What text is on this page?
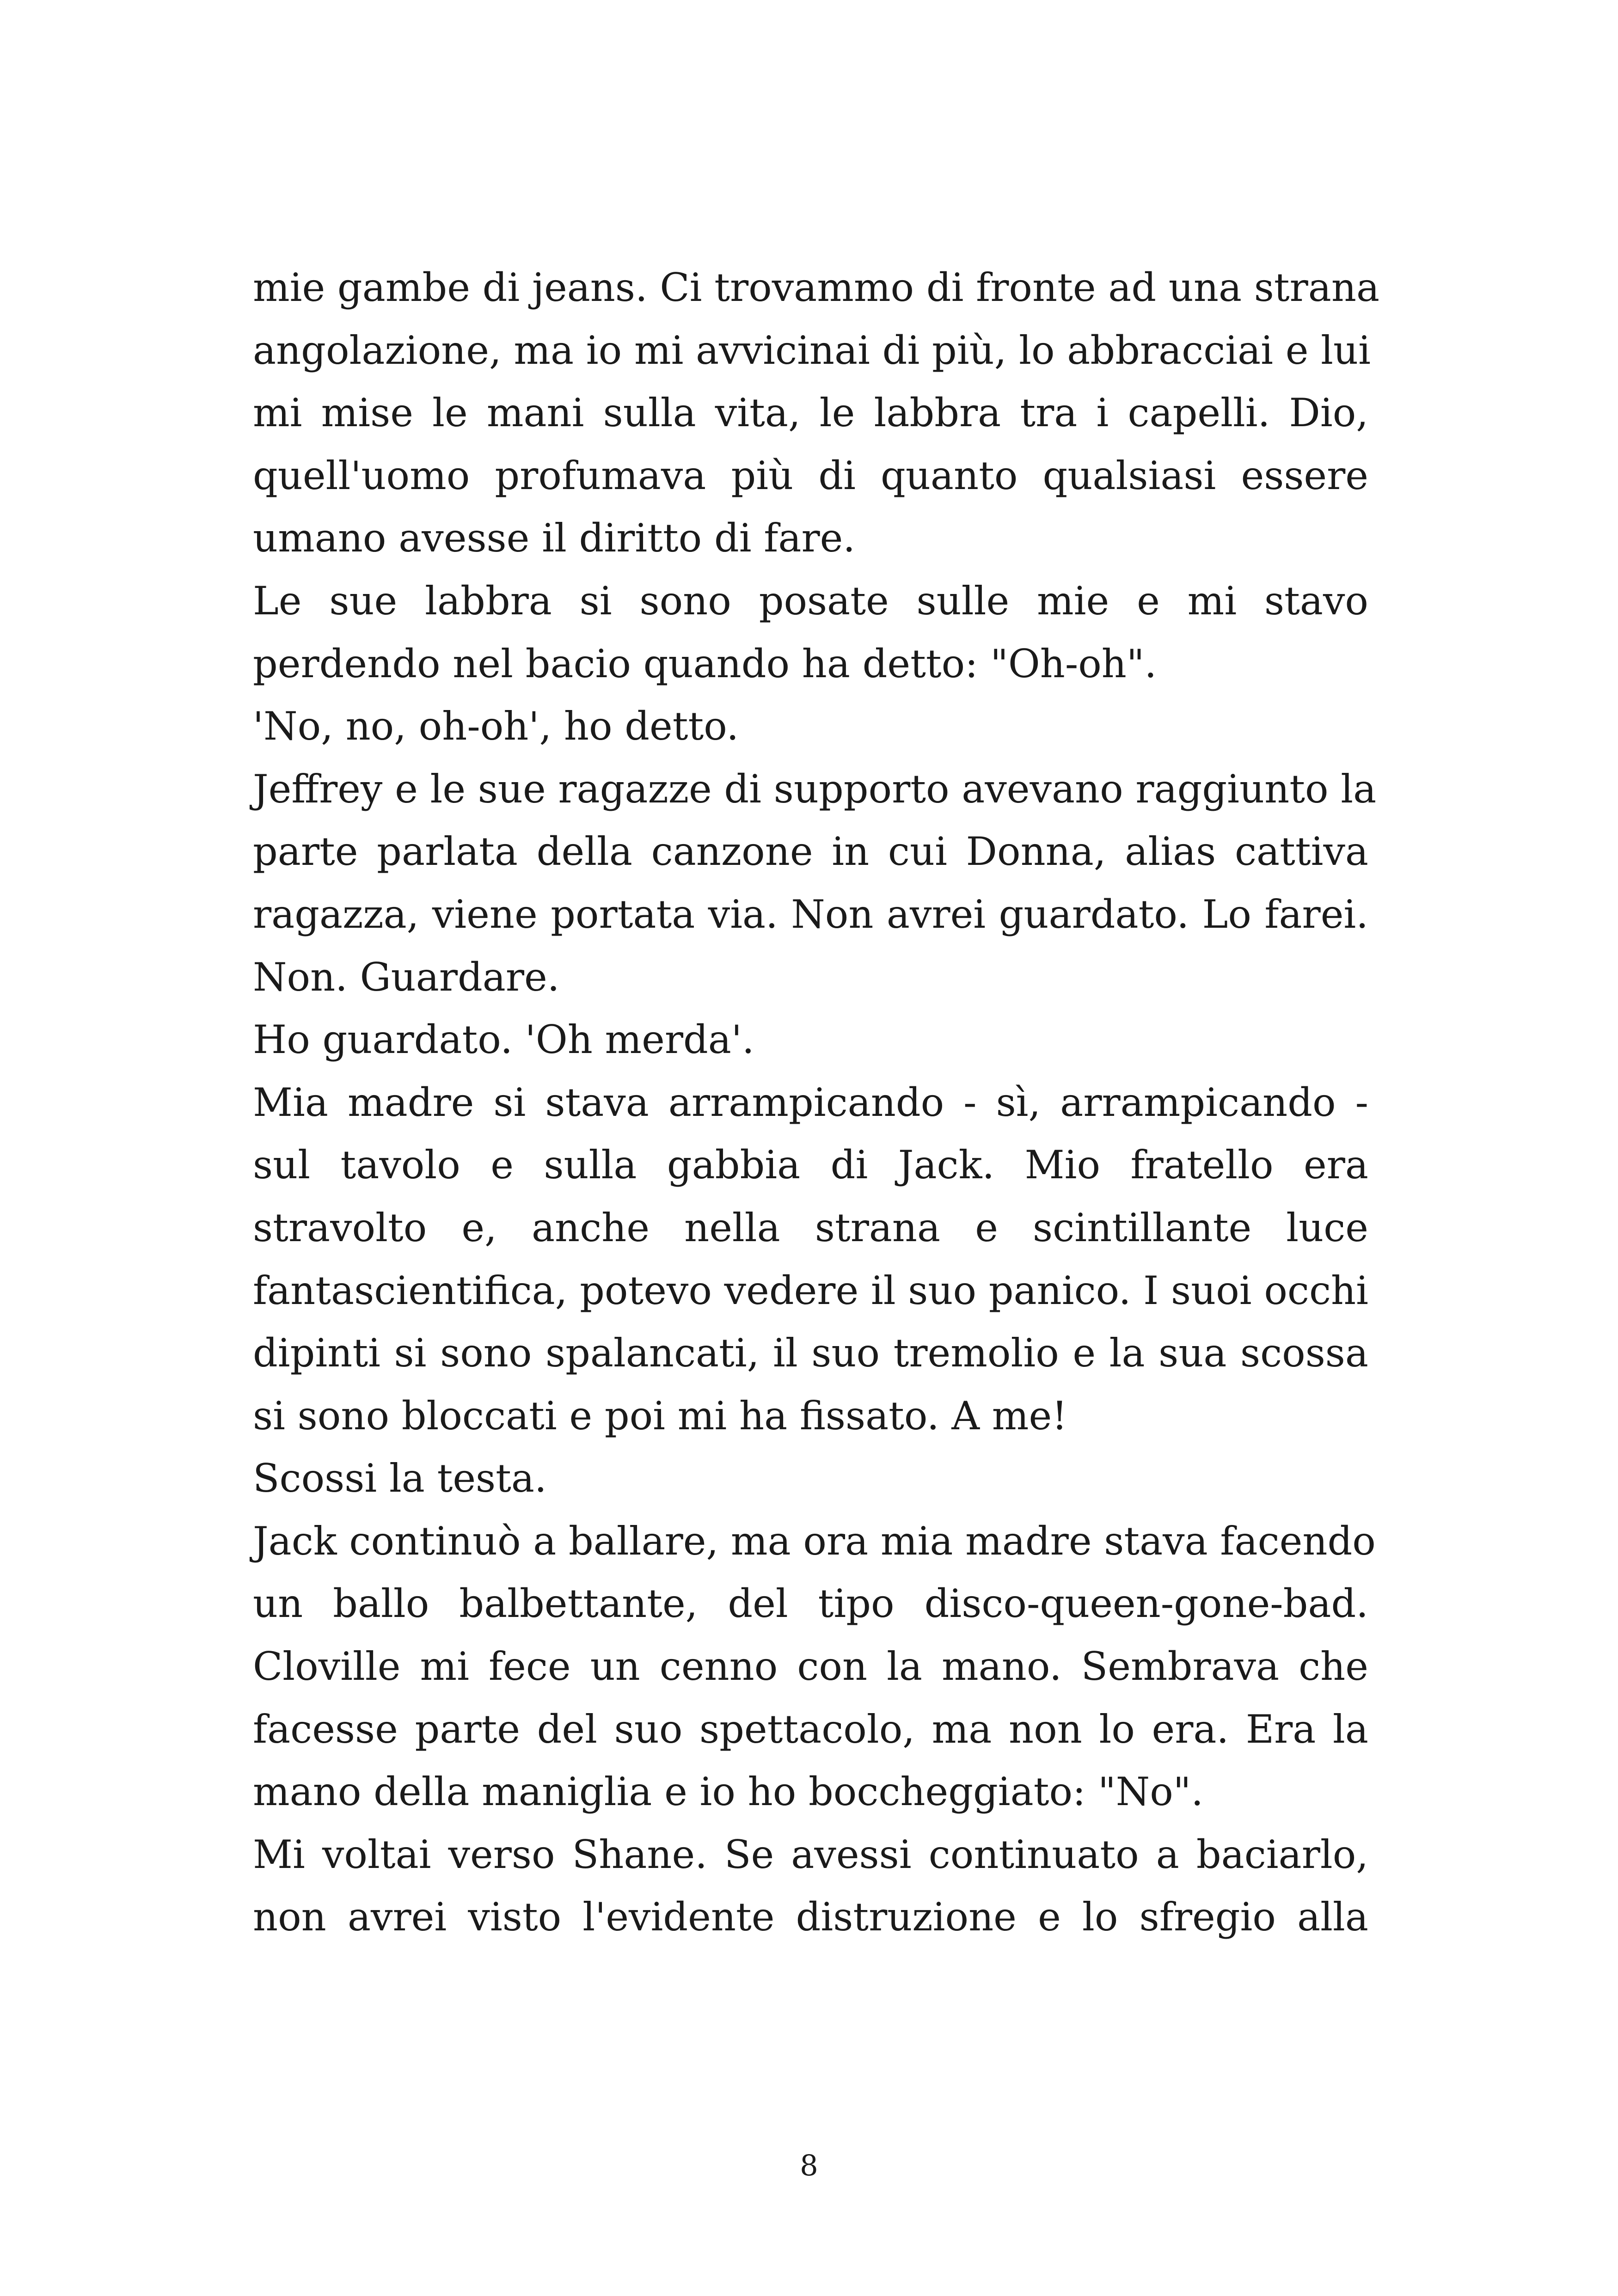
mie gambe di jeans. Ci trovammo di fronte ad una strana
angolazione, ma io mi avvicinai di più, lo abbracciai e lui
mi mise le mani sulla vita, le labbra tra i capelli. Dio,
quell'uomo profumava più di quanto qualsiasi essere
umano avesse il diritto di fare.
Le sue labbra si sono posate sulle mie e mi stavo
perdendo nel bacio quando ha detto: "Oh-oh".
'No, no, oh-oh', ho detto.
Jeffrey e le sue ragazze di supporto avevano raggiunto la
parte parlata della canzone in cui Donna, alias cattiva
ragazza, viene portata via. Non avrei guardato. Lo farei.
Non. Guardare.
Ho guardato. 'Oh merda'.
Mia madre si stava arrampicando - sì, arrampicando -
sul tavolo e sulla gabbia di Jack. Mio fratello era
stravolto e, anche nella strana e scintillante luce
fantascientifica, potevo vedere il suo panico. I suoi occhi
dipinti si sono spalancati, il suo tremolio e la sua scossa
si sono bloccati e poi mi ha fissato. A me!
Scossi la testa.
Jack continuò a ballare, ma ora mia madre stava facendo
un ballo balbettante, del tipo disco-queen-gone-bad.
Cloville mi fece un cenno con la mano. Sembrava che
facesse parte del suo spettacolo, ma non lo era. Era la
mano della maniglia e io ho boccheggiato: "No".
Mi voltai verso Shane. Se avessi continuato a baciarlo,
non avrei visto l'evidente distruzione e lo sfregio alla
8
